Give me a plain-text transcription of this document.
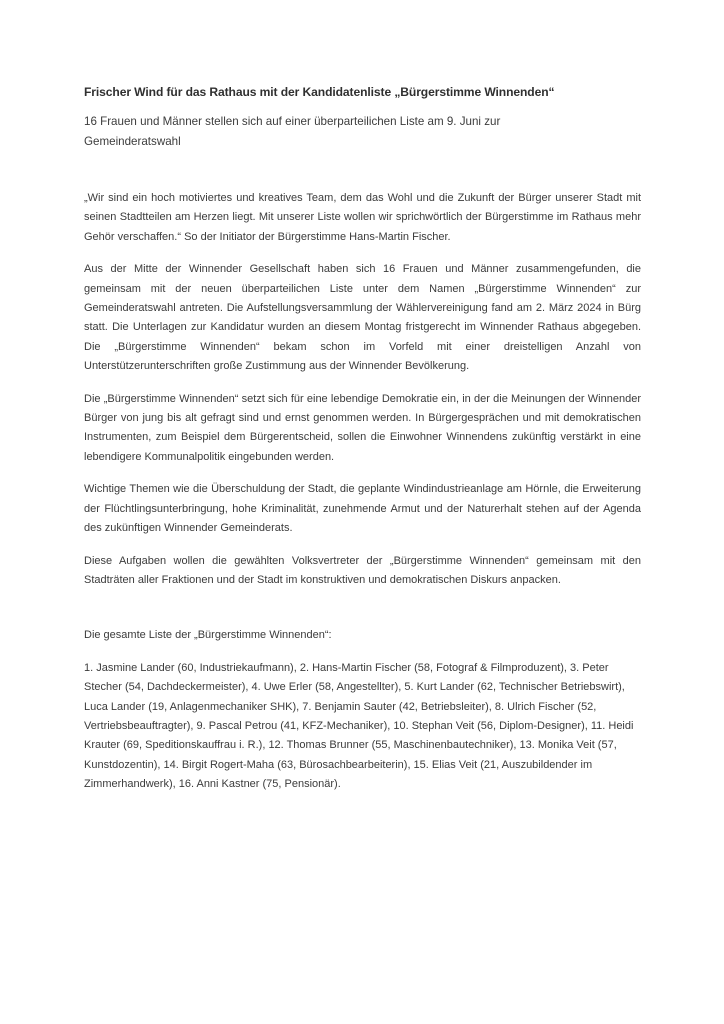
Frischer Wind für das Rathaus mit der Kandidatenliste „Bürgerstimme Winnenden“
16 Frauen und Männer stellen sich auf einer überparteilichen Liste am 9. Juni zur
Gemeinderatswahl

„Wir sind ein hoch motiviertes und kreatives Team, dem das Wohl und die Zukunft der Bürger unserer Stadt mit seinen Stadtteilen am Herzen liegt. Mit unserer Liste wollen wir sprichwörtlich der Bürgerstimme im Rathaus mehr Gehör verschaffen.“ So der Initiator der Bürgerstimme Hans-Martin Fischer.

Aus der Mitte der Winnender Gesellschaft haben sich 16 Frauen und Männer zusammengefunden, die gemeinsam mit der neuen überparteilichen Liste unter dem Namen „Bürgerstimme Winnenden“ zur Gemeinderatswahl antreten. Die Aufstellungsversammlung der Wählervereinigung fand am 2. März 2024 in Bürg statt. Die Unterlagen zur Kandidatur wurden an diesem Montag fristgerecht im Winnender Rathaus abgegeben. Die „Bürgerstimme Winnenden“ bekam schon im Vorfeld mit einer dreistelligen Anzahl von Unterstützerunterschriften große Zustimmung aus der Winnender Bevölkerung.

Die „Bürgerstimme Winnenden“ setzt sich für eine lebendige Demokratie ein, in der die Meinungen der Winnender Bürger von jung bis alt gefragt sind und ernst genommen werden. In Bürgergesprächen und mit demokratischen Instrumenten, zum Beispiel dem Bürgerentscheid, sollen die Einwohner Winnendens zukünftig verstärkt in eine lebendigere Kommunalpolitik eingebunden werden.

Wichtige Themen wie die Überschuldung der Stadt, die geplante Windindustrieanlage am Hörnle, die Erweiterung der Flüchtlingsunterbringung, hohe Kriminalität, zunehmende Armut und der Naturerhalt stehen auf der Agenda des zukünftigen Winnender Gemeinderats.

Diese Aufgaben wollen die gewählten Volksvertreter der „Bürgerstimme Winnenden“ gemeinsam mit den Stadträten aller Fraktionen und der Stadt im konstruktiven und demokratischen Diskurs anpacken.

Die gesamte Liste der „Bürgerstimme Winnenden“:

1. Jasmine Lander (60, Industriekaufmann), 2. Hans-Martin Fischer (58, Fotograf & Filmproduzent), 3. Peter Stecher (54, Dachdeckermeister), 4. Uwe Erler (58, Angestellter), 5. Kurt Lander (62, Technischer Betriebswirt), Luca Lander (19, Anlagenmechaniker SHK), 7. Benjamin Sauter (42, Betriebsleiter), 8. Ulrich Fischer (52, Vertriebsbeauftragter), 9. Pascal Petrou (41, KFZ-Mechaniker), 10. Stephan Veit (56, Diplom-Designer), 11. Heidi Krauter (69, Speditionskauffrau i. R.), 12. Thomas Brunner (55, Maschinenbautechniker), 13. Monika Veit (57, Kunstdozentin), 14. Birgit Rogert-Maha (63, Bürosachbearbeiterin), 15. Elias Veit (21, Auszubildender im Zimmerhandwerk), 16. Anni Kastner (75, Pensionär).
